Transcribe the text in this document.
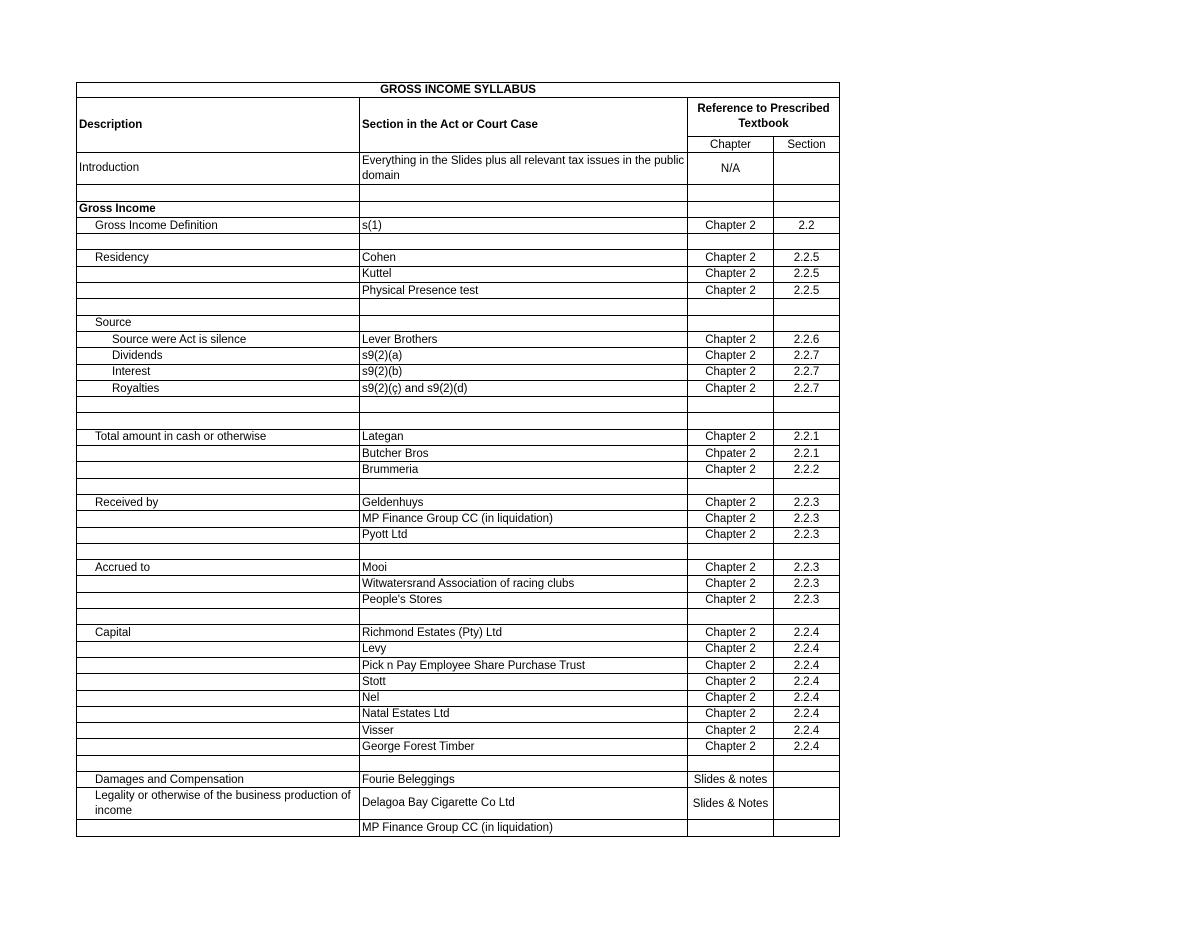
GROSS INCOME SYLLABUS			
Description	Section in the Act or Court Case	Reference to Prescribed Textbook	
		Chapter	Section
Introduction	Everything in the Slides plus all relevant tax issues in the public domain	N/A	

Gross Income			
Gross Income Definition	s(1)	Chapter 2	2.2

Residency	Cohen	Chapter 2	2.2.5
	Kuttel	Chapter 2	2.2.5
	Physical Presence test	Chapter 2	2.2.5

Source			
Source were Act is silence	Lever Brothers	Chapter 2	2.2.6
Dividends	s9(2)(a)	Chapter 2	2.2.7
Interest	s9(2)(b)	Chapter 2	2.2.7
Royalties	s9(2)(ç) and s9(2)(d)	Chapter 2	2.2.7

Total amount in cash or otherwise	Lategan	Chapter 2	2.2.1
	Butcher Bros	Chpater 2	2.2.1
	Brummeria	Chapter 2	2.2.2

Received by	Geldenhuys	Chapter 2	2.2.3
	MP Finance Group CC (in liquidation)	Chapter 2	2.2.3
	Pyott Ltd	Chapter 2	2.2.3

Accrued to	Mooi	Chapter 2	2.2.3
	Witwatersrand Association of racing clubs	Chapter 2	2.2.3
	People's Stores	Chapter 2	2.2.3

Capital	Richmond Estates (Pty) Ltd	Chapter 2	2.2.4
	Levy	Chapter 2	2.2.4
	Pick n Pay Employee Share Purchase Trust	Chapter 2	2.2.4
	Stott	Chapter 2	2.2.4
	Nel	Chapter 2	2.2.4
	Natal Estates Ltd	Chapter 2	2.2.4
	Visser	Chapter 2	2.2.4
	George Forest Timber	Chapter 2	2.2.4

Damages and Compensation	Fourie Beleggings	Slides & notes	
Legality or otherwise of the business production of income	Delagoa Bay Cigarette Co Ltd	Slides & Notes	
	MP Finance Group CC (in liquidation)		
